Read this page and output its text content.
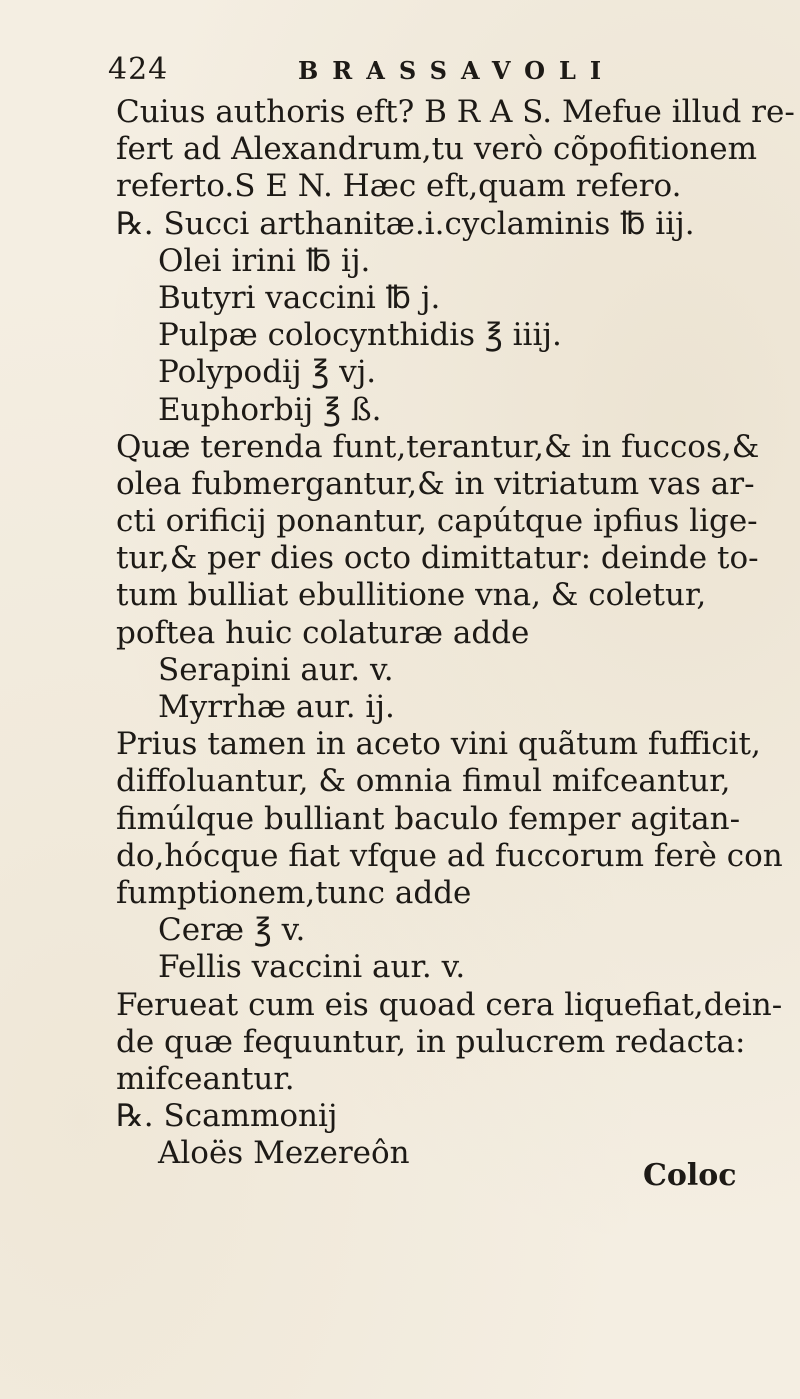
424	BRASSAVOLI
Cuius authoris eft? B R A S. Mefue illud re-
fert ad Alexandrum,tu verò cõpofitionem
referto.S E N. Hæc eft,quam refero.
℞. Succi arthanitæ.i.cyclaminis ℔ iij.
Olei irini ℔ ij.
Butyri vaccini ℔ j.
Pulpæ colocynthidis ℥ iiij.
Polypodij ℥ vj.
Euphorbij ℥ ß.
Quæ terenda funt,terantur,& in fuccos,&
olea fubmergantur,& in vitriatum vas ar-
cti orificij ponantur, capútque ipfius lige-
tur,& per dies octo dimittatur: deinde to-
tum bulliat ebullitione vna, & coletur,
poftea huic colaturæ adde
Serapini aur. v.
Myrrhæ aur. ij.
Prius tamen in aceto vini quãtum fufficit,
diffoluantur, & omnia fimul mifceantur,
fimúlque bulliant baculo femper agitan-
do,hócque fiat vfque ad fuccorum ferè con
fumptionem,tunc adde
Ceræ ℥ v.
Fellis vaccini aur. v.
Ferueat cum eis quoad cera liquefiat,dein-
de quæ fequuntur, in pulucrem redacta:
mifceantur.
℞. Scammonij
Aloës Mezereôn
Coloc
